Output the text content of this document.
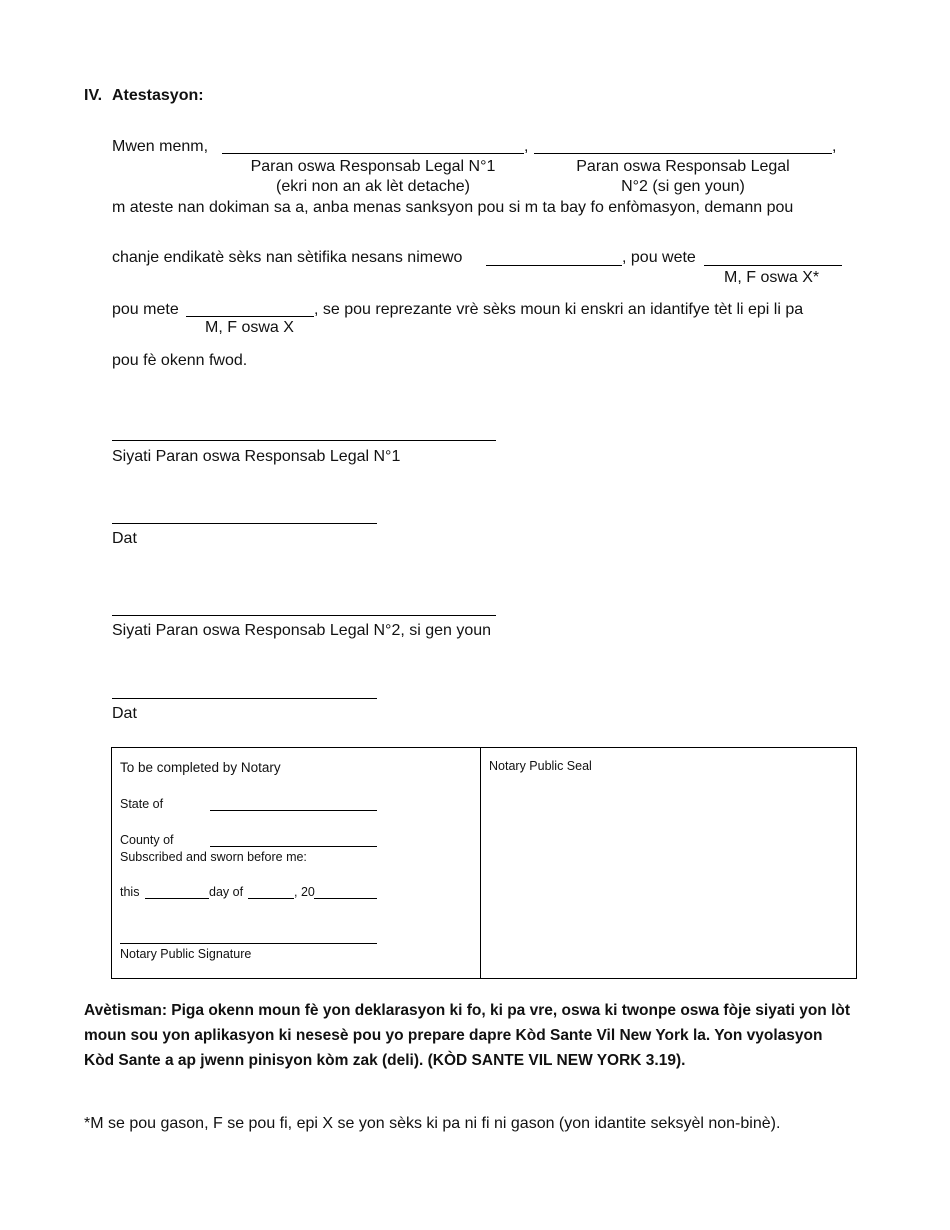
IV. Atestasyon:
Mwen menm,	,	,
Paran oswa Responsab Legal N°1
(ekri non an ak lèt detache)
Paran oswa Responsab Legal
N°2 (si gen youn)
m ateste nan dokiman sa a, anba menas sanksyon pou si m ta bay fo enfòmasyon, demann pou
chanje endikatè sèks nan sètifika nesans nimewo	, pou wete
M, F oswa X*
pou mete	, se pou reprezante vrè sèks moun ki enskri an idantifye tèt li epi li pa
M, F oswa X
pou fè okenn fwod.
Siyati Paran oswa Responsab Legal N°1
Dat
Siyati Paran oswa Responsab Legal N°2, si gen youn
Dat
To be completed by Notary
State of
County of
Subscribed and sworn before me:
this	day of	, 20
Notary Public Signature
Notary Public Seal
Avètisman: Piga okenn moun fè yon deklarasyon ki fo, ki pa vre, oswa ki twonpe oswa fòje siyati yon lòt moun sou yon aplikasyon ki nesesè pou yo prepare dapre Kòd Sante Vil New York la. Yon vyolasyon Kòd Sante a ap jwenn pinisyon kòm zak (deli). (KÒD SANTE VIL NEW YORK 3.19).
*M se pou gason, F se pou fi, epi X se yon sèks ki pa ni fi ni gason (yon idantite seksyèl non-binè).
